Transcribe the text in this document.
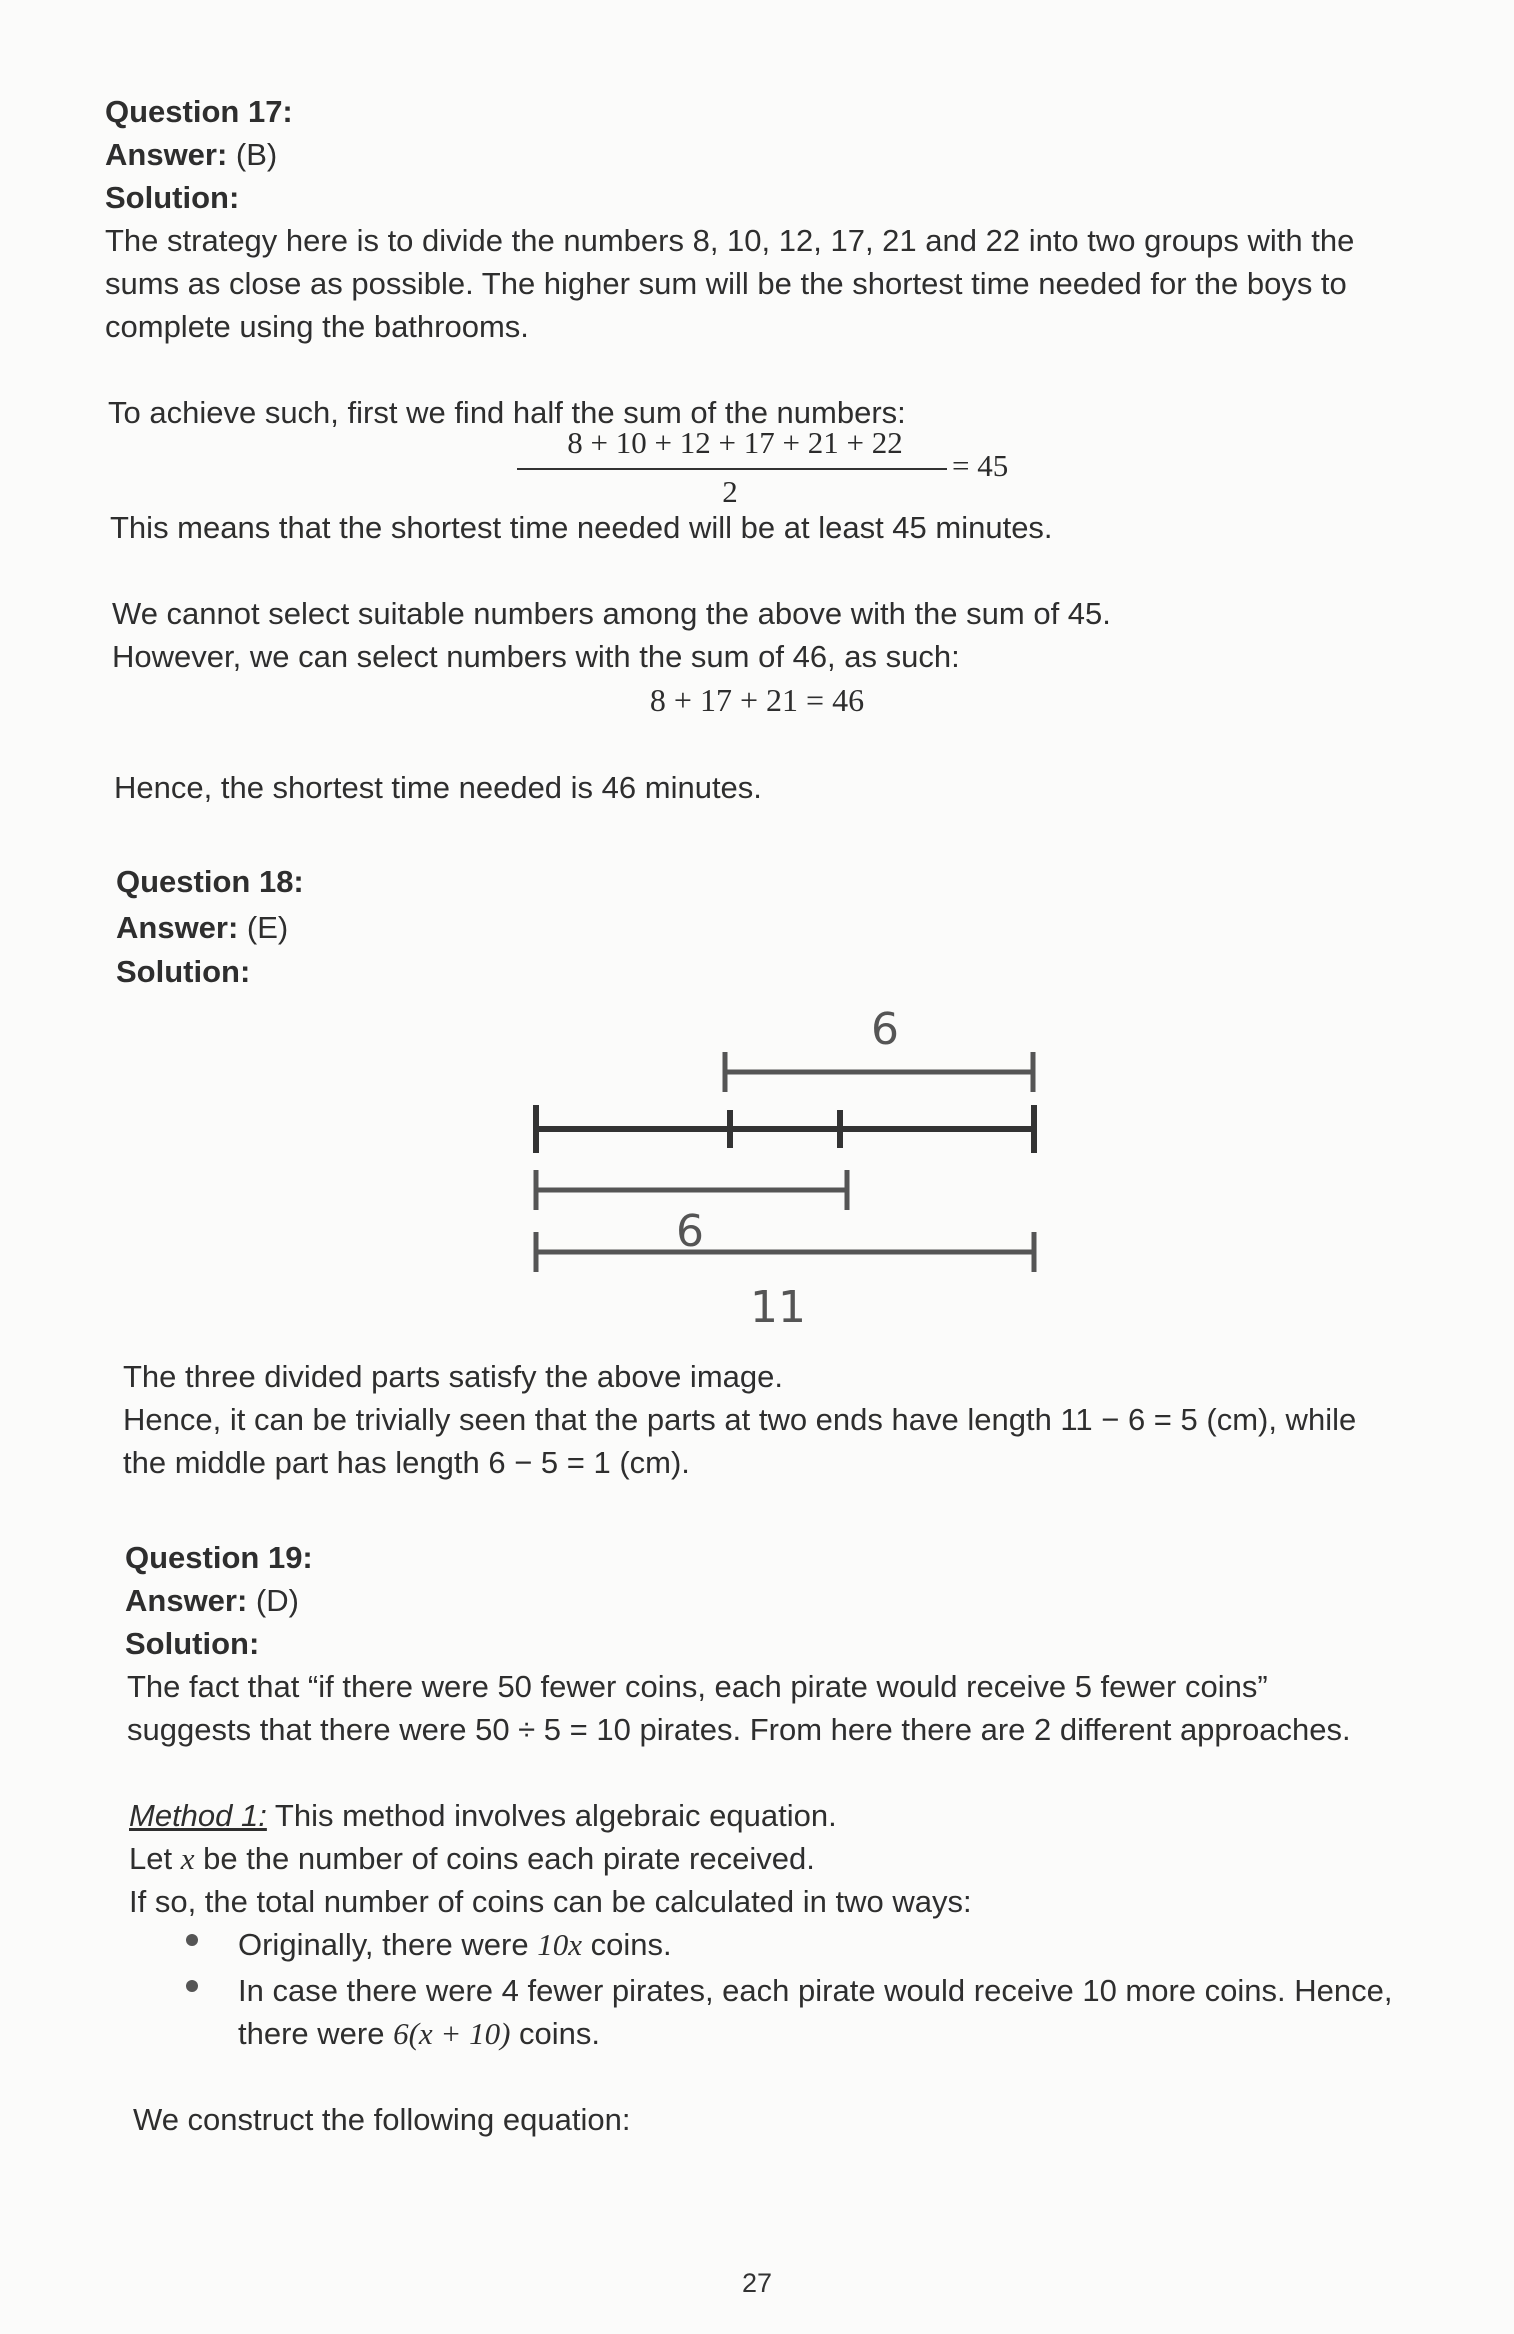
Question 17:
Answer: (B)
Solution:
The strategy here is to divide the numbers 8, 10, 12, 17, 21 and 22 into two groups with the
sums as close as possible. The higher sum will be the shortest time needed for the boys to
complete using the bathrooms.
To achieve such, first we find half the sum of the numbers:
8 + 10 + 12 + 17 + 21 + 22
2
= 45
This means that the shortest time needed will be at least 45 minutes.
We cannot select suitable numbers among the above with the sum of 45.
However, we can select numbers with the sum of 46, as such:
8 + 17 + 21 = 46
Hence, the shortest time needed is 46 minutes.
Question 18:
Answer: (E)
Solution:
6
6
11
The three divided parts satisfy the above image.
Hence, it can be trivially seen that the parts at two ends have length 11 − 6 = 5 (cm), while
the middle part has length 6 − 5 = 1 (cm).
Question 19:
Answer: (D)
Solution:
The fact that “if there were 50 fewer coins, each pirate would receive 5 fewer coins”
suggests that there were 50 ÷ 5 = 10 pirates. From here there are 2 different approaches.
Method 1: This method involves algebraic equation.
Let x be the number of coins each pirate received.
If so, the total number of coins can be calculated in two ways:
Originally, there were 10x coins.
In case there were 4 fewer pirates, each pirate would receive 10 more coins. Hence,
there were 6(x + 10) coins.
We construct the following equation:
27
